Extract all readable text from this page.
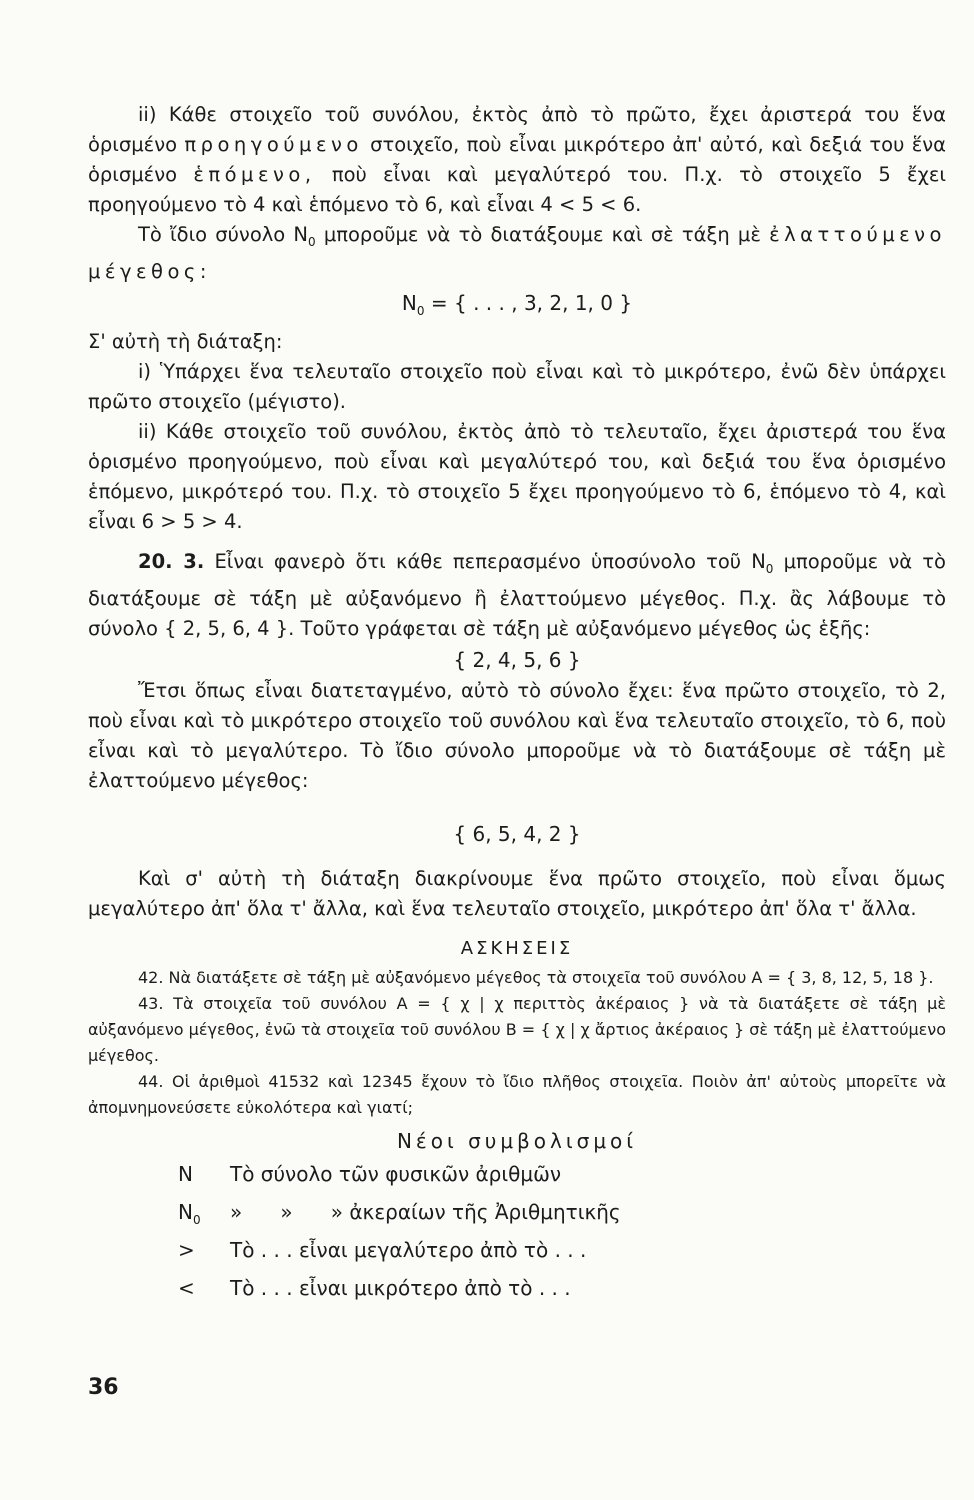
ii) Κάθε στοιχεῖο τοῦ συνόλου, ἐκτὸς ἀπὸ τὸ πρῶτο, ἔχει ἀριστερά του ἕνα ὁρισμένο προηγούμενο στοιχεῖο, ποὺ εἶναι μικρότερο ἀπ' αὐτό, καὶ δεξιά του ἕνα ὁρισμένο ἑπόμενο, ποὺ εἶναι καὶ μεγαλύτερό του. Π.χ. τὸ στοιχεῖο 5 ἔχει προηγούμενο τὸ 4 καὶ ἑπόμενο τὸ 6, καὶ εἶναι 4 < 5 < 6.

Τὸ ἴδιο σύνολο $N_0$ μποροῦμε νὰ τὸ διατάξουμε καὶ σὲ τάξη μὲ ἐλαττούμενο μέγεθος:

$N_0$ = { . . . , 3, 2, 1, 0 }

Σ' αὐτὴ τὴ διάταξη:

i) Ὑπάρχει ἕνα τελευταῖο στοιχεῖο ποὺ εἶναι καὶ τὸ μικρότερο, ἐνῶ δὲν ὑπάρχει πρῶτο στοιχεῖο (μέγιστο).

ii) Κάθε στοιχεῖο τοῦ συνόλου, ἐκτὸς ἀπὸ τὸ τελευταῖο, ἔχει ἀριστερά του ἕνα ὁρισμένο προηγούμενο, ποὺ εἶναι καὶ μεγαλύτερό του, καὶ δεξιά του ἕνα ὁρισμένο ἑπόμενο, μικρότερό του. Π.χ. τὸ στοιχεῖο 5 ἔχει προηγούμενο τὸ 6, ἑπόμενο τὸ 4, καὶ εἶναι 6 > 5 > 4.

20. 3. Εἶναι φανερὸ ὅτι κάθε πεπερασμένο ὑποσύνολο τοῦ $N_0$ μποροῦμε νὰ τὸ διατάξουμε σὲ τάξη μὲ αὐξανόμενο ἢ ἐλαττούμενο μέγεθος. Π.χ. ἂς λάβουμε τὸ σύνολο { 2, 5, 6, 4 }. Τοῦτο γράφεται σὲ τάξη μὲ αὐξανόμενο μέγεθος ὡς ἑξῆς:

{ 2, 4, 5, 6 }

Ἔτσι ὅπως εἶναι διατεταγμένο, αὐτὸ τὸ σύνολο ἔχει: ἕνα πρῶτο στοιχεῖο, τὸ 2, ποὺ εἶναι καὶ τὸ μικρότερο στοιχεῖο τοῦ συνόλου καὶ ἕνα τελευταῖο στοιχεῖο, τὸ 6, ποὺ εἶναι καὶ τὸ μεγαλύτερο. Τὸ ἴδιο σύνολο μποροῦμε νὰ τὸ διατάξουμε σὲ τάξη μὲ ἐλαττούμενο μέγεθος:

{ 6, 5, 4, 2 }

Καὶ σ' αὐτὴ τὴ διάταξη διακρίνουμε ἕνα πρῶτο στοιχεῖο, ποὺ εἶναι ὅμως μεγαλύτερο ἀπ' ὅλα τ' ἄλλα, καὶ ἕνα τελευταῖο στοιχεῖο, μικρότερο ἀπ' ὅλα τ' ἄλλα.

ΑΣΚΗΣΕΙΣ

42. Νὰ διατάξετε σὲ τάξη μὲ αὐξανόμενο μέγεθος τὰ στοιχεῖα τοῦ συνόλου A = { 3, 8, 12, 5, 18 }.

43. Τὰ στοιχεῖα τοῦ συνόλου A = { χ | χ περιττὸς ἀκέραιος } νὰ τὰ διατάξετε σὲ τάξη μὲ αὐξανόμενο μέγεθος, ἐνῶ τὰ στοιχεῖα τοῦ συνόλου B = { χ | χ ἄρτιος ἀκέραιος } σὲ τάξη μὲ ἐλαττούμενο μέγεθος.

44. Οἱ ἀριθμοὶ 41532 καὶ 12345 ἔχουν τὸ ἴδιο πλῆθος στοιχεῖα. Ποιὸν ἀπ' αὐτοὺς μπορεῖτε νὰ ἀπομνημονεύσετε εὐκολότερα καὶ γιατί;

Νέοι συμβολισμοί
N	Τὸ σύνολο τῶν φυσικῶν ἀριθμῶν
$N_0$	»      »      » ἀκεραίων τῆς Ἀριθμητικῆς
>	Τὸ . . . εἶναι μεγαλύτερο ἀπὸ τὸ . . .
<	Τὸ . . . εἶναι μικρότερο ἀπὸ τὸ . . .
36
